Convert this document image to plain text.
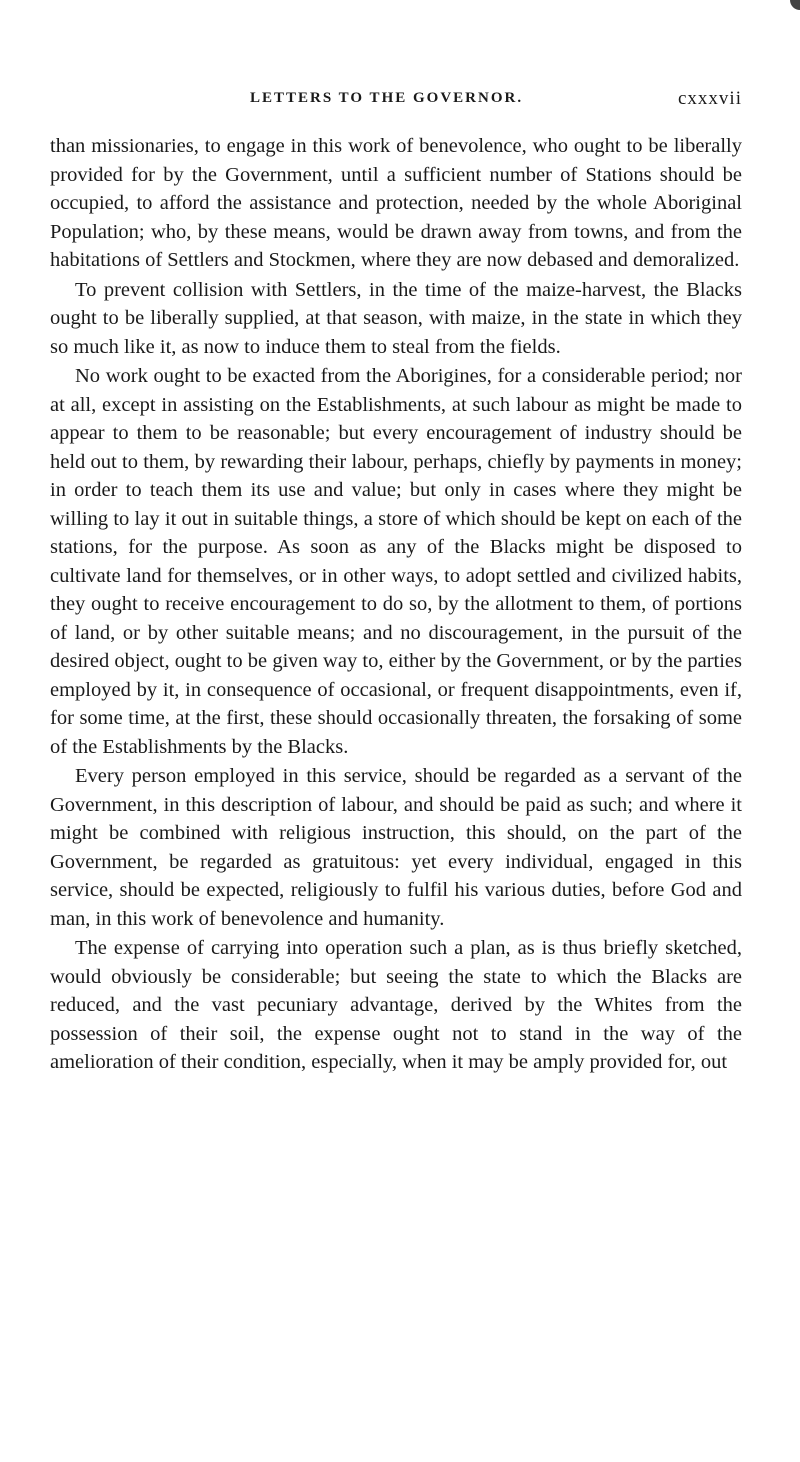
LETTERS TO THE GOVERNOR.	cxxxvii

than missionaries, to engage in this work of benevolence, who ought to be liberally provided for by the Government, until a sufficient number of Stations should be occupied, to afford the assistance and protection, needed by the whole Aboriginal Population; who, by these means, would be drawn away from towns, and from the habitations of Settlers and Stockmen, where they are now debased and demoralized.

To prevent collision with Settlers, in the time of the maize-harvest, the Blacks ought to be liberally supplied, at that season, with maize, in the state in which they so much like it, as now to induce them to steal from the fields.

No work ought to be exacted from the Aborigines, for a considerable period; nor at all, except in assisting on the Establishments, at such labour as might be made to appear to them to be reasonable; but every encouragement of industry should be held out to them, by rewarding their labour, perhaps, chiefly by payments in money; in order to teach them its use and value; but only in cases where they might be willing to lay it out in suitable things, a store of which should be kept on each of the stations, for the purpose. As soon as any of the Blacks might be disposed to cultivate land for themselves, or in other ways, to adopt settled and civilized habits, they ought to receive encouragement to do so, by the allotment to them, of portions of land, or by other suitable means; and no discouragement, in the pursuit of the desired object, ought to be given way to, either by the Government, or by the parties employed by it, in consequence of occasional, or frequent disappointments, even if, for some time, at the first, these should occasionally threaten, the forsaking of some of the Establishments by the Blacks.

Every person employed in this service, should be regarded as a servant of the Government, in this description of labour, and should be paid as such; and where it might be combined with religious instruction, this should, on the part of the Government, be regarded as gratuitous: yet every individual, engaged in this service, should be expected, religiously to fulfil his various duties, before God and man, in this work of benevolence and humanity.

The expense of carrying into operation such a plan, as is thus briefly sketched, would obviously be considerable; but seeing the state to which the Blacks are reduced, and the vast pecuniary advantage, derived by the Whites from the possession of their soil, the expense ought not to stand in the way of the amelioration of their condition, especially, when it may be amply provided for, out
